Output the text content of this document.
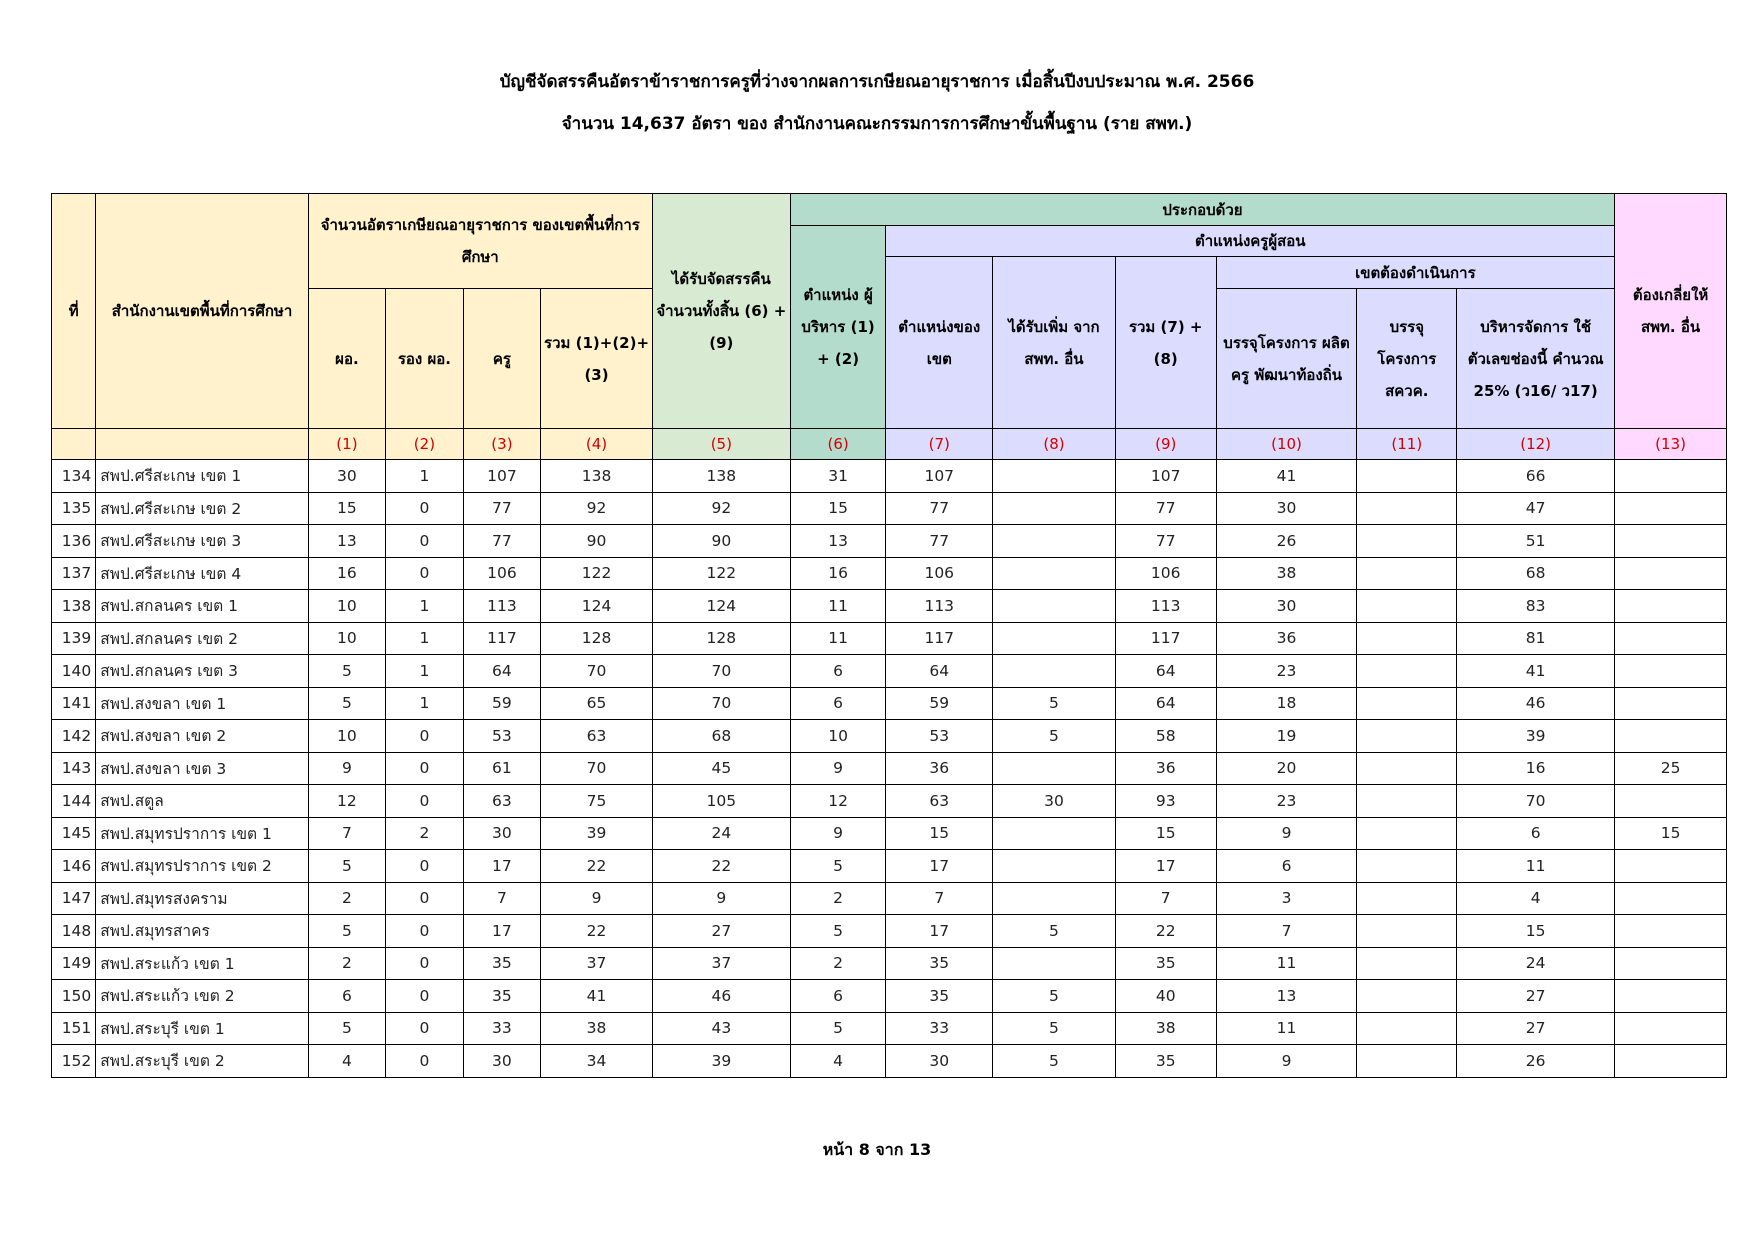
บัญชีจัดสรรคืนอัตราข้าราชการครูที่ว่างจากผลการเกษียณอายุราชการ เมื่อสิ้นปีงบประมาณ พ.ศ. 2566
จำนวน 14,637 อัตรา ของ สำนักงานคณะกรรมการการศึกษาขั้นพื้นฐาน (ราย สพท.)
ที่	สำนักงานเขตพื้นที่การศึกษา	จำนวนอัตราเกษียณอายุราชการ ของเขตพื้นที่การศึกษา				ได้รับจัดสรรคืน จำนวนทั้งสิ้น (6) + (9)	ประกอบด้วย							ต้องเกลี่ยให้ สพท. อื่น
							ตำแหน่ง ผู้บริหาร (1) + (2)	ตำแหน่งครูผู้สอน						
								ตำแหน่งของ เขต	ได้รับเพิ่ม จาก สพท. อื่น	รวม (7) + (8)	เขตต้องดำเนินการ			
		ผอ.	รอง ผอ.	ครู	รวม (1)+(2)+(3)						บรรจุโครงการ ผลิตครู พัฒนาท้องถิ่น	บรรจุ โครงการ สควค.	บริหารจัดการ ใช้ตัวเลขช่องนี้ คำนวณ 25% (ว16/ ว17)	
		(1)	(2)	(3)	(4)	(5)	(6)	(7)	(8)	(9)	(10)	(11)	(12)	(13)
134	สพป.ศรีสะเกษ เขต 1	30	1	107	138	138	31	107		107	41		66	
135	สพป.ศรีสะเกษ เขต 2	15	0	77	92	92	15	77		77	30		47	
136	สพป.ศรีสะเกษ เขต 3	13	0	77	90	90	13	77		77	26		51	
137	สพป.ศรีสะเกษ เขต 4	16	0	106	122	122	16	106		106	38		68	
138	สพป.สกลนคร เขต 1	10	1	113	124	124	11	113		113	30		83	
139	สพป.สกลนคร เขต 2	10	1	117	128	128	11	117		117	36		81	
140	สพป.สกลนคร เขต 3	5	1	64	70	70	6	64		64	23		41	
141	สพป.สงขลา เขต 1	5	1	59	65	70	6	59	5	64	18		46	
142	สพป.สงขลา เขต 2	10	0	53	63	68	10	53	5	58	19		39	
143	สพป.สงขลา เขต 3	9	0	61	70	45	9	36		36	20		16	25
144	สพป.สตูล	12	0	63	75	105	12	63	30	93	23		70	
145	สพป.สมุทรปราการ เขต 1	7	2	30	39	24	9	15		15	9		6	15
146	สพป.สมุทรปราการ เขต 2	5	0	17	22	22	5	17		17	6		11	
147	สพป.สมุทรสงคราม	2	0	7	9	9	2	7		7	3		4	
148	สพป.สมุทรสาคร	5	0	17	22	27	5	17	5	22	7		15	
149	สพป.สระแก้ว เขต 1	2	0	35	37	37	2	35		35	11		24	
150	สพป.สระแก้ว เขต 2	6	0	35	41	46	6	35	5	40	13		27	
151	สพป.สระบุรี เขต 1	5	0	33	38	43	5	33	5	38	11		27	
152	สพป.สระบุรี เขต 2	4	0	30	34	39	4	30	5	35	9		26	
หน้า 8 จาก 13
